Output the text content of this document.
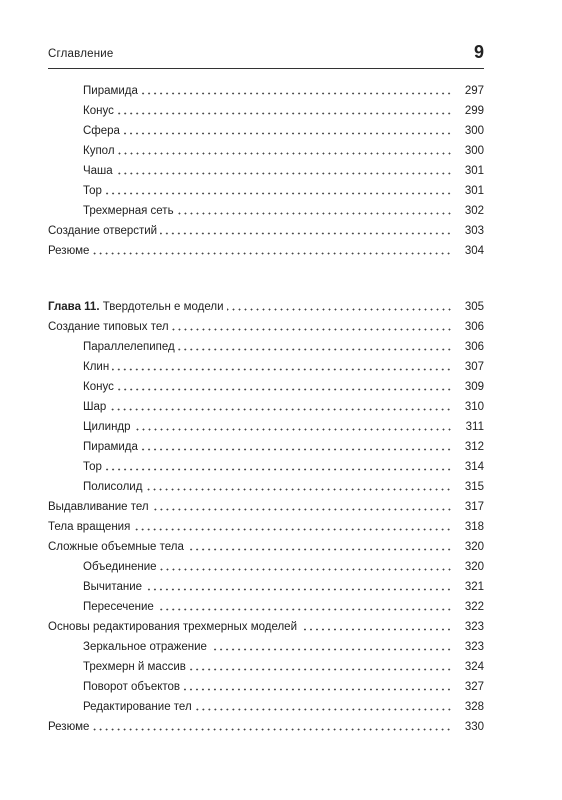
Сглавление	9
Пирамида	297
Конус	299
Сфера	300
Купол	300
Чаша	301
Тор	301
Трехмерная сеть	302
Создание отверстий	303
Резюме	304
Глава 11. Твердотельн е модели	305
Создание типовых тел	306
Параллелепипед	306
Клин	307
Конус	309
Шар	310
Цилиндр	311
Пирамида	312
Тор	314
Полисолид	315
Выдавливание тел	317
Тела вращения	318
Сложные объемные тела	320
Объединение	320
Вычитание	321
Пересечение	322
Основы редактирования трехмерных моделей	323
Зеркальное отражение	323
Трехмерн й массив	324
Поворот объектов	327
Редактирование тел	328
Резюме	330
